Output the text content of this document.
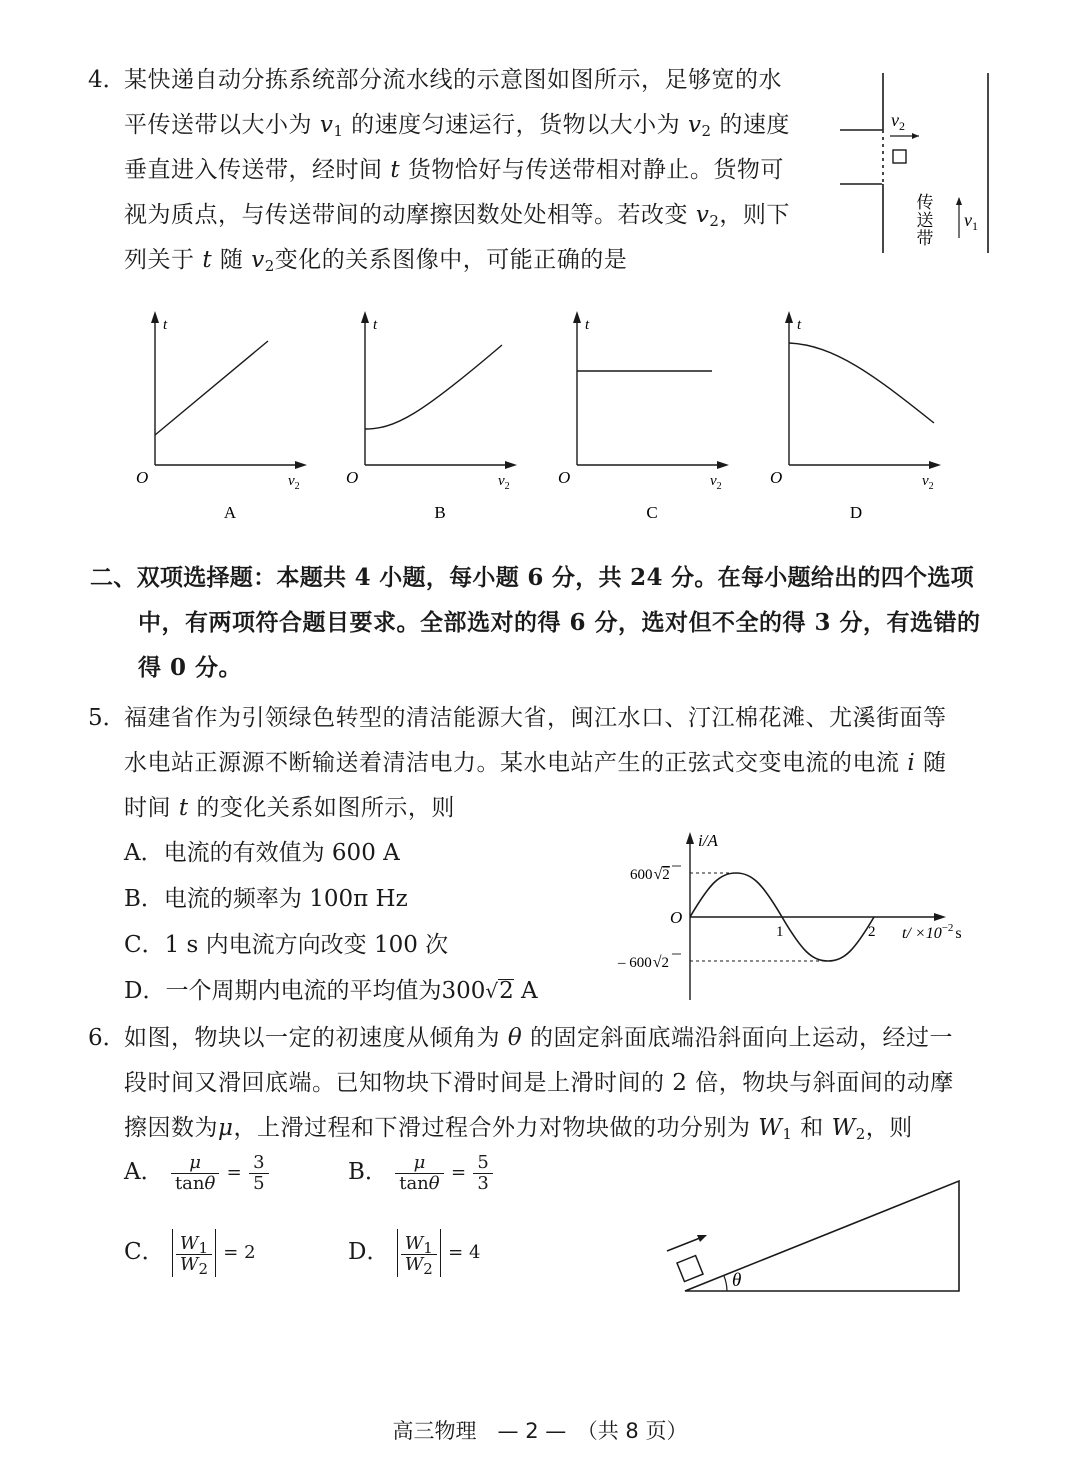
4．
某快递自动分拣系统部分流水线的示意图如图所示，足够宽的水
平传送带以大小为 $v_1$ 的速度匀速运行，货物以大小为 $v_2$ 的速度
垂直进入传送带，经时间 t 货物恰好与传送带相对静止。货物可
视为质点，与传送带间的动摩擦因数处处相等。若改变 $v_2$，则下
列关于 t 随 $v_2$变化的关系图像中，可能正确的是
$v_2$
$v_1$
传
送
带
t
O	$v_2$
A
t
O	$v_2$
B
t
O	$v_2$
C
t
O	$v_2$
D
二、双项选择题：本题共 4 小题，每小题 6 分，共 24 分。在每小题给出的四个选项
中，有两项符合题目要求。全部选对的得 6 分，选对但不全的得 3 分，有选错的
得 0 分。
5．
福建省作为引领绿色转型的清洁能源大省，闽江水口、汀江棉花滩、尤溪街面等
水电站正源源不断输送着清洁电力。某水电站产生的正弦式交变电流的电流 i 随
时间 t 的变化关系如图所示，则
A．电流的有效值为 600 A
B．电流的频率为 100π Hz
C．1 s 内电流方向改变 100 次
D．一个周期内电流的平均值为300√2 A
i/A
O
1	2
600√2
– 600√2
$t/ \times 10^{-2}$ s
6．
如图，物块以一定的初速度从倾角为 θ 的固定斜面底端沿斜面向上运动，经过一
段时间又滑回底端。已知物块下滑时间是上滑时间的 2 倍，物块与斜面间的动摩
擦因数为μ，上滑过程和下滑过程合外力对物块做的功分别为 $W_1$ 和 $W_2$，则
A． $\frac{\mu}{\tan\theta} = \frac{3}{5}$	B． $\frac{\mu}{\tan\theta} = \frac{5}{3}$
C． $\frac{W_1}{W_2} = 2$	D． $\frac{W_1}{W_2} = 4$
θ
高三物理　— 2 —　（共 8 页）
